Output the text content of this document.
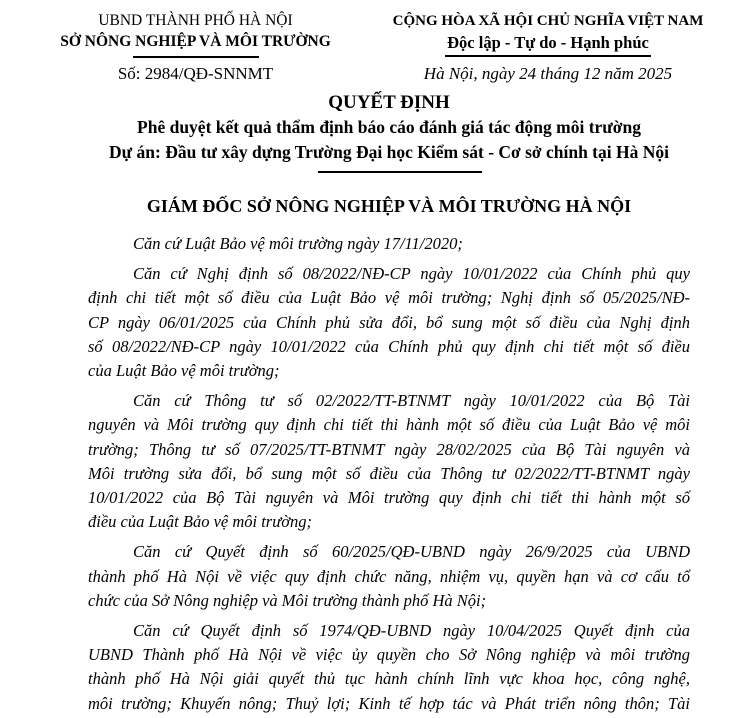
UBND THÀNH PHỐ HÀ NỘI
SỞ NÔNG NGHIỆP VÀ MÔI TRƯỜNG
Số: 2984/QĐ-SNNMT
CỘNG HÒA XÃ HỘI CHỦ NGHĨA VIỆT NAM
Độc lập - Tự do - Hạnh phúc
Hà Nội, ngày 24 tháng 12 năm 2025
QUYẾT ĐỊNH
Phê duyệt kết quả thẩm định báo cáo đánh giá tác động môi trường
Dự án: Đầu tư xây dựng Trường Đại học Kiểm sát - Cơ sở chính tại Hà Nội
GIÁM ĐỐC SỞ NÔNG NGHIỆP VÀ MÔI TRƯỜNG HÀ NỘI
Căn cứ Luật Bảo vệ môi trường ngày 17/11/2020;
Căn cứ Nghị định số 08/2022/NĐ-CP ngày 10/01/2022 của Chính phủ quy
định chi tiết một số điều của Luật Bảo vệ môi trường; Nghị định số 05/2025/NĐ-
CP ngày 06/01/2025 của Chính phủ sửa đổi, bổ sung một số điều của Nghị định
số 08/2022/NĐ-CP ngày 10/01/2022 của Chính phủ quy định chi tiết một số điều
của Luật Bảo vệ môi trường;
Căn cứ Thông tư số 02/2022/TT-BTNMT ngày 10/01/2022 của Bộ Tài
nguyên và Môi trường quy định chi tiết thi hành một số điều của Luật Bảo vệ môi
trường; Thông tư số 07/2025/TT-BTNMT ngày 28/02/2025 của Bộ Tài nguyên và
Môi trường sửa đổi, bổ sung một số điều của Thông tư 02/2022/TT-BTNMT ngày
10/01/2022 của Bộ Tài nguyên và Môi trường quy định chi tiết thi hành một số
điều của Luật Bảo vệ môi trường;
Căn cứ Quyết định số 60/2025/QĐ-UBND ngày 26/9/2025 của UBND
thành phố Hà Nội về việc quy định chức năng, nhiệm vụ, quyền hạn và cơ cấu tổ
chức của Sở Nông nghiệp và Môi trường thành phố Hà Nội;
Căn cứ Quyết định số 1974/QĐ-UBND ngày 10/04/2025 Quyết định của
UBND Thành phố Hà Nội về việc ủy quyền cho Sở Nông nghiệp và môi trường
thành phố Hà Nội giải quyết thủ tục hành chính lĩnh vực khoa học, công nghệ,
môi trường; Khuyến nông; Thuỷ lợi; Kinh tế hợp tác và Phát triển nông thôn; Tài
